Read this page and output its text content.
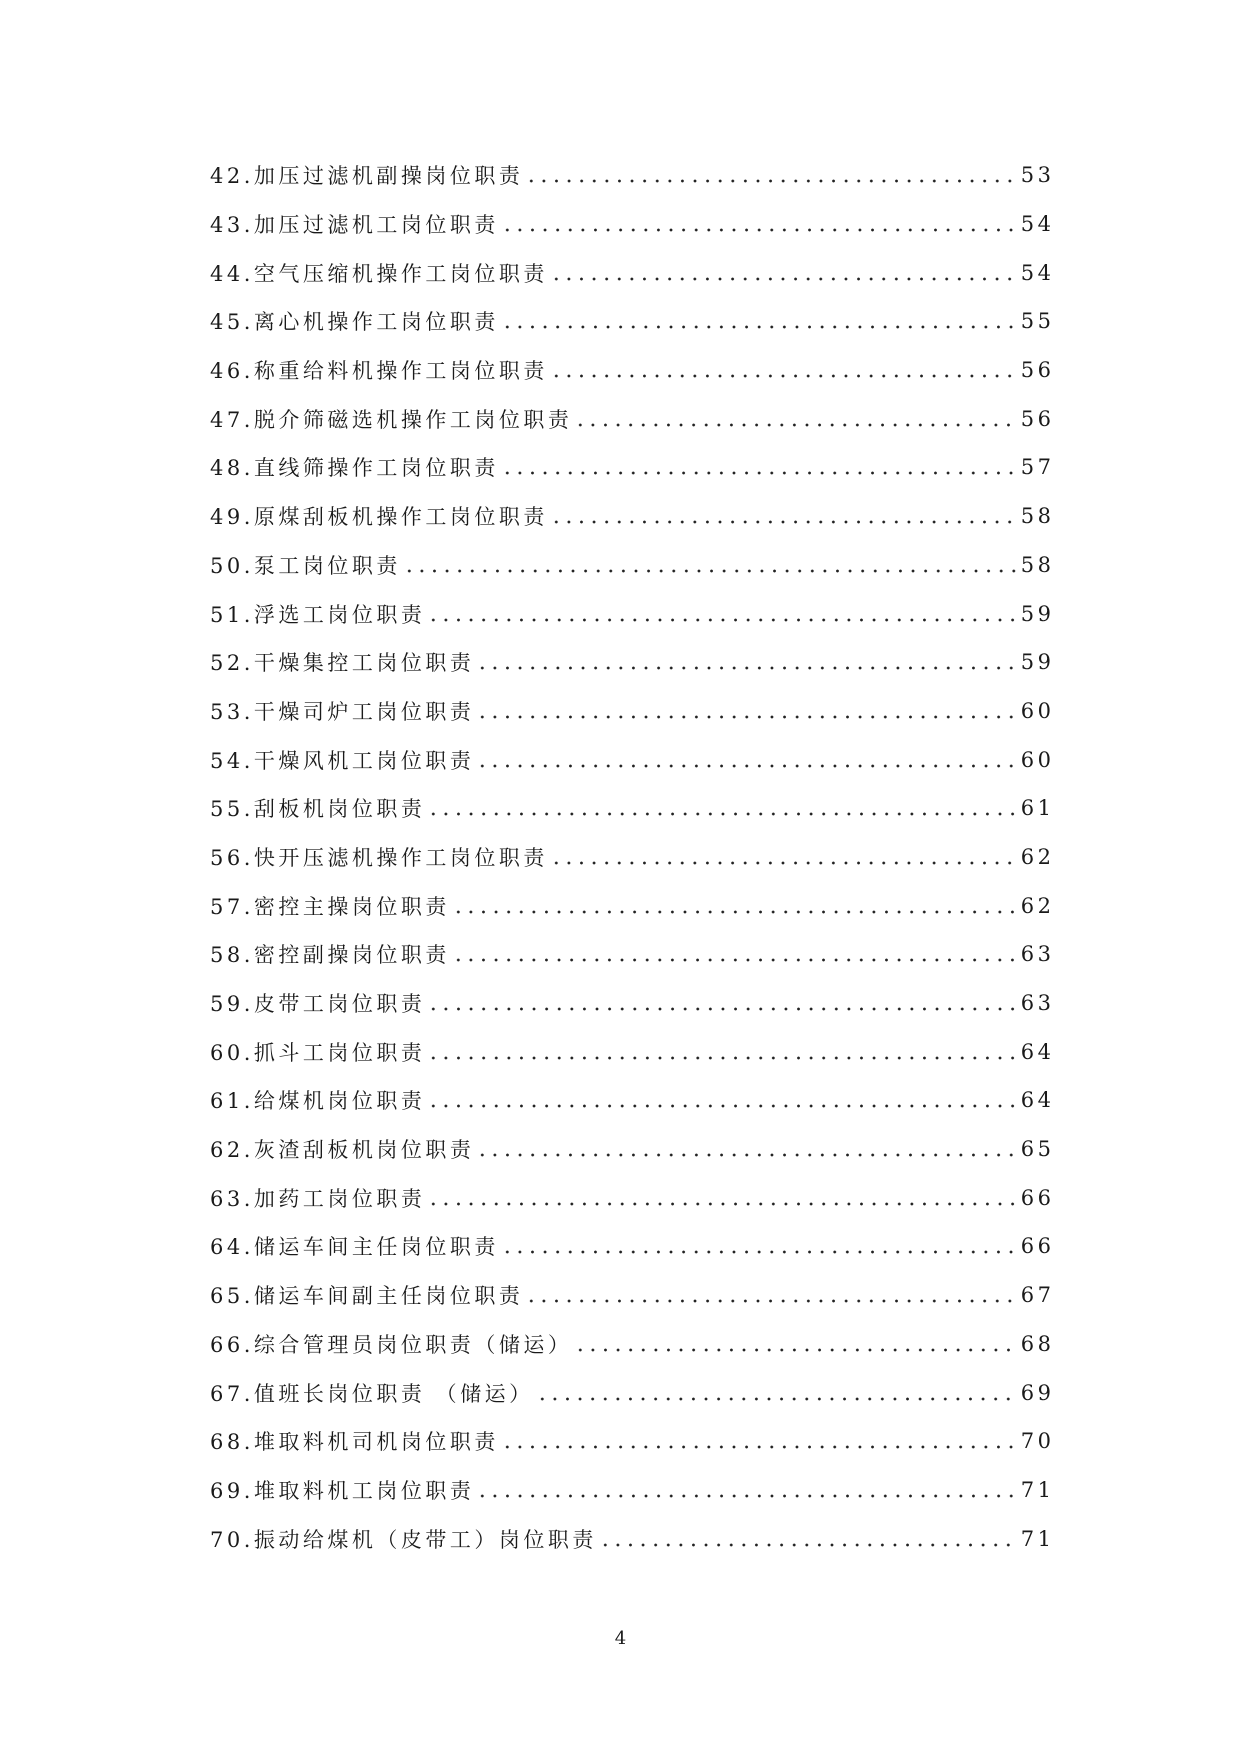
42.加压过滤机副操岗位职责	53
43.加压过滤机工岗位职责	54
44.空气压缩机操作工岗位职责	54
45.离心机操作工岗位职责	55
46.称重给料机操作工岗位职责	56
47.脱介筛磁选机操作工岗位职责	56
48.直线筛操作工岗位职责	57
49.原煤刮板机操作工岗位职责	58
50.泵工岗位职责	58
51.浮选工岗位职责	59
52.干燥集控工岗位职责	59
53.干燥司炉工岗位职责	60
54.干燥风机工岗位职责	60
55.刮板机岗位职责	61
56.快开压滤机操作工岗位职责	62
57.密控主操岗位职责	62
58.密控副操岗位职责	63
59.皮带工岗位职责	63
60.抓斗工岗位职责	64
61.给煤机岗位职责	64
62.灰渣刮板机岗位职责	65
63.加药工岗位职责	66
64.储运车间主任岗位职责	66
65.储运车间副主任岗位职责	67
66.综合管理员岗位职责（储运）	68
67.值班长岗位职责 （储运）	69
68.堆取料机司机岗位职责	70
69.堆取料机工岗位职责	71
70.振动给煤机（皮带工）岗位职责	71
4
